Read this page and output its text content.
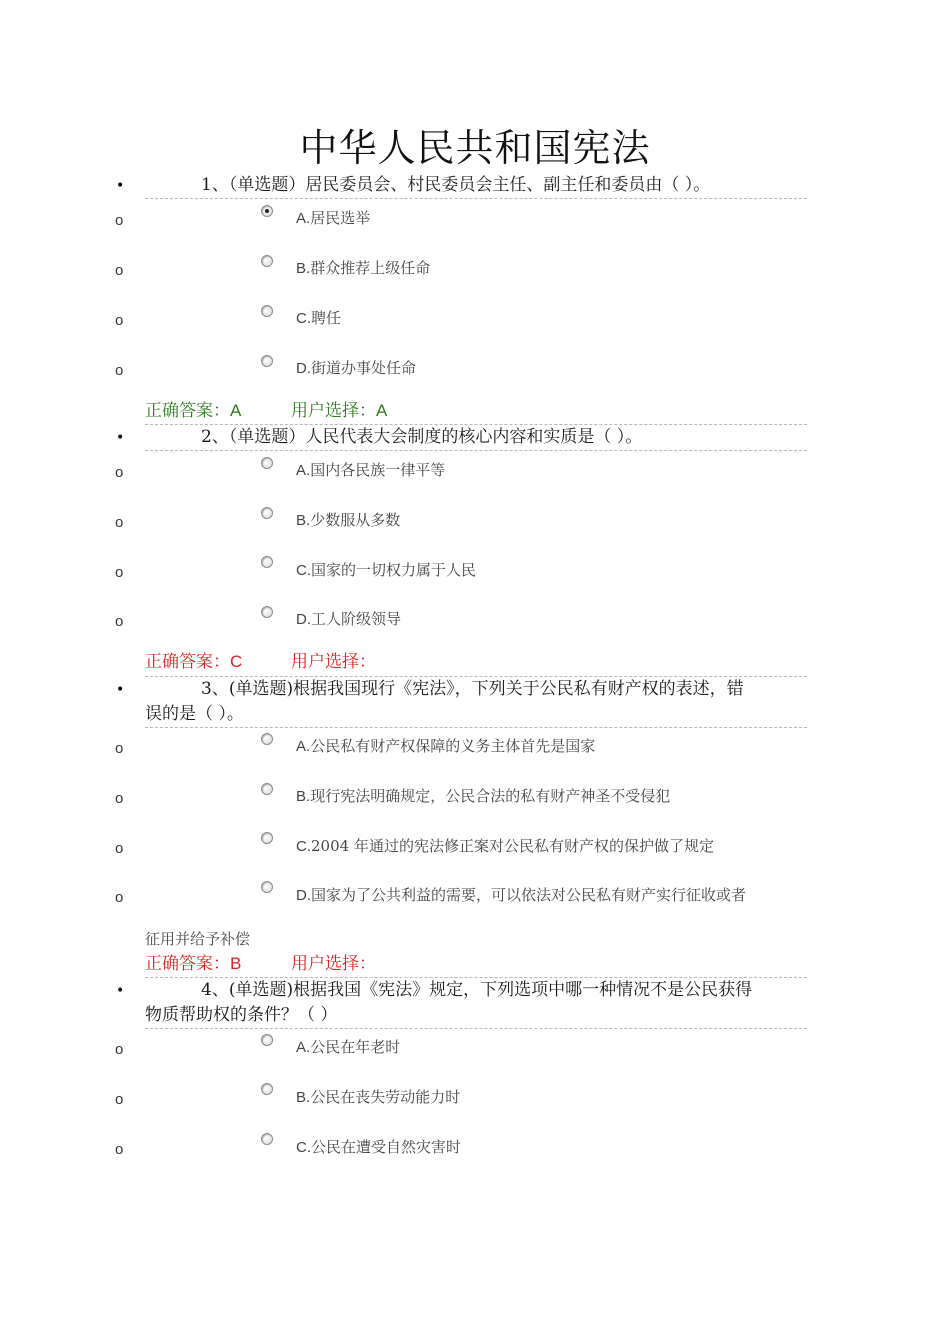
中华人民共和国宪法
•	1、（单选题）居民委员会、村民委员会主任、副主任和委员由（ ）。
o	A.居民选举
o	B.群众推荐上级任命
o	C.聘任
o	D.街道办事处任命
正确答案：A	用户选择：A
•	2、（单选题）人民代表大会制度的核心内容和实质是（ ）。
o	A.国内各民族一律平等
o	B.少数服从多数
o	C.国家的一切权力属于人民
o	D.工人阶级领导
正确答案：C	用户选择：
•	3、(单选题)根据我国现行《宪法》，下列关于公民私有财产权的表述，错
误的是（ ）。
o	A.公民私有财产权保障的义务主体首先是国家
o	B.现行宪法明确规定，公民合法的私有财产神圣不受侵犯
o	C.2004 年通过的宪法修正案对公民私有财产权的保护做了规定
o	D.国家为了公共利益的需要，可以依法对公民私有财产实行征收或者
征用并给予补偿
正确答案：B	用户选择：
•	4、(单选题)根据我国《宪法》规定，下列选项中哪一种情况不是公民获得
物质帮助权的条件？（ ）
o	A.公民在年老时
o	B.公民在丧失劳动能力时
o	C.公民在遭受自然灾害时
